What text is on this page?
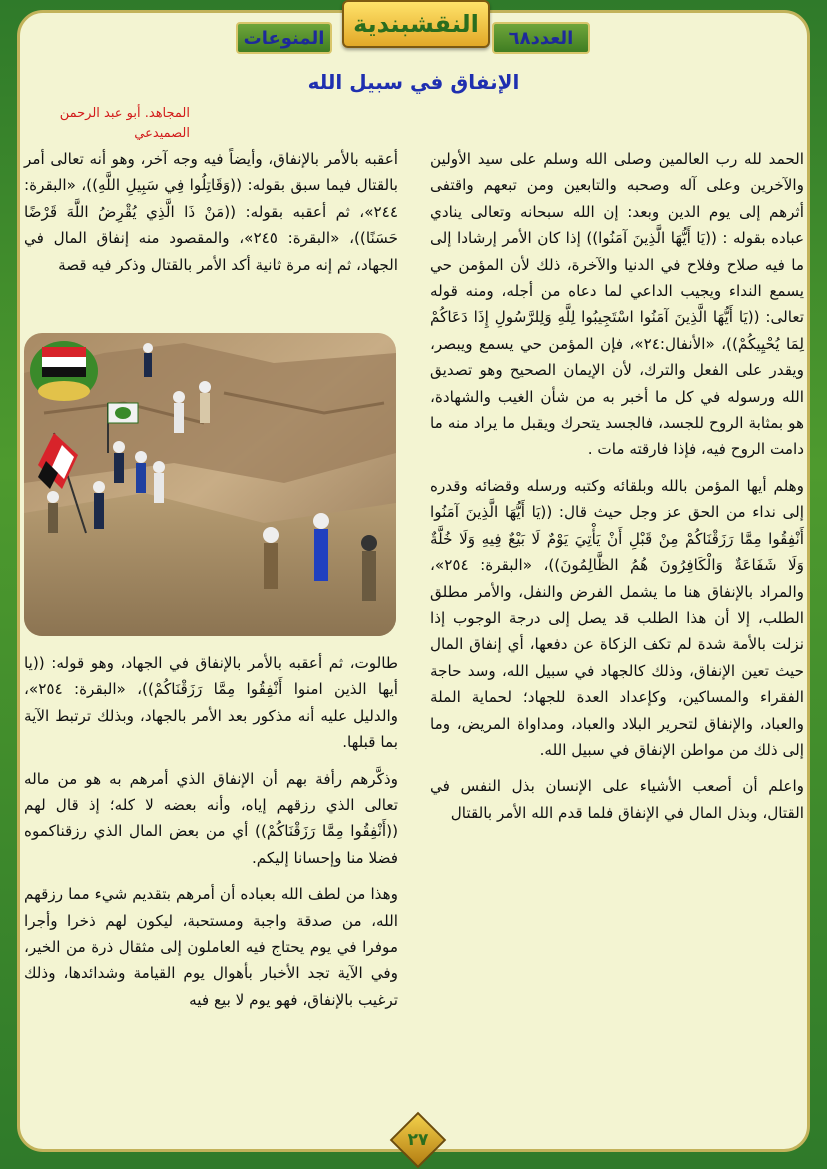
المنوعات النقشبندية العدد٦٨
الإنفاق في سبيل الله
المجاهد. أبو عبد الرحمن الصميدعي

الحمد لله رب العالمين وصلى الله وسلم على سيد الأولين والآخرين وعلى آله وصحبه والتابعين ومن تبعهم واقتفى أثرهم إلى يوم الدين وبعد: إن الله سبحانه وتعالى ينادي عباده بقوله : ((يَا أَيُّهَا الَّذِينَ آمَنُوا)) إذا كان الأمر إرشادا إلى ما فيه صلاح وفلاح في الدنيا والآخرة، ذلك لأن المؤمن حي يسمع النداء ويجيب الداعي لما دعاه من أجله، ومنه قوله تعالى: ((يَا أَيُّهَا الَّذِينَ آمَنُوا اسْتَجِيبُوا لِلَّهِ وَلِلرَّسُولِ إِذَا دَعَاكُمْ لِمَا يُحْيِيكُمْ))، «الأنفال:٢٤»، فإن المؤمن حي يسمع ويبصر، ويقدر على الفعل والترك، لأن الإيمان الصحيح وهو تصديق الله ورسوله في كل ما أخبر به من شأن الغيب والشهادة، هو بمثابة الروح للجسد، فالجسد يتحرك ويقبل ما يراد منه ما دامت الروح فيه، فإذا فارقته مات .

وهلم أيها المؤمن بالله وبلقائه وكتبه ورسله وقضائه وقدره إلى نداء من الحق عز وجل حيث قال: ((يَا أَيُّهَا الَّذِينَ آمَنُوا أَنْفِقُوا مِمَّا رَزَقْنَاكُمْ مِنْ قَبْلِ أَنْ يَأْتِيَ يَوْمٌ لَا بَيْعٌ فِيهِ وَلَا خُلَّةٌ وَلَا شَفَاعَةٌ وَالْكَافِرُونَ هُمُ الظَّالِمُونَ))، «البقرة: ٢٥٤»، والمراد بالإنفاق هنا ما يشمل الفرض والنفل، والأمر مطلق الطلب، إلا أن هذا الطلب قد يصل إلى درجة الوجوب إذا نزلت بالأمة شدة لم تكف الزكاة عن دفعها، أي إنفاق المال حيث تعين الإنفاق، وذلك كالجهاد في سبيل الله، وسد حاجة الفقراء والمساكين، وكإعداد العدة للجهاد؛ لحماية الملة والعباد، والإنفاق لتحرير البلاد والعباد، ومداواة المريض، وما إلى ذلك من مواطن الإنفاق في سبيل الله.

واعلم أن أصعب الأشياء على الإنسان بذل النفس في القتال، وبذل المال في الإنفاق فلما قدم الله الأمر بالقتال

أعقبه بالأمر بالإنفاق، وأيضاً فيه وجه آخر، وهو أنه تعالى أمر بالقتال فيما سبق بقوله: ((وَقَاتِلُوا فِي سَبِيلِ اللَّهِ))، «البقرة: ٢٤٤»، ثم أعقبه بقوله: ((مَنْ ذَا الَّذِي يُقْرِضُ اللَّهَ قَرْضًا حَسَنًا))، «البقرة: ٢٤٥»، والمقصود منه إنفاق المال في الجهاد، ثم إنه مرة ثانية أكد الأمر بالقتال وذكر فيه قصة

طالوت، ثم أعقبه بالأمر بالإنفاق في الجهاد، وهو قوله: ((يا أيها الذين امنوا أَنْفِقُوا مِمَّا رَزَقْنَاكُمْ))، «البقرة: ٢٥٤»، والدليل عليه أنه مذكور بعد الأمر بالجهاد، وبذلك ترتبط الآية بما قبلها.

وذكَّرهم رأفة بهم أن الإنفاق الذي أمرهم به هو من ماله تعالى الذي رزقهم إياه، وأنه بعضه لا كله؛ إذ قال لهم ((أَنْفِقُوا مِمَّا رَزَقْنَاكُمْ)) أي من بعض المال الذي رزقناكموه فضلا منا وإحسانا إليكم.

وهذا من لطف الله بعباده أن أمرهم بتقديم شيء مما رزقهم الله، من صدقة واجبة ومستحبة، ليكون لهم ذخرا وأجرا موفرا في يوم يحتاج فيه العاملون إلى مثقال ذرة من الخير، وفي الآية تجد الأخبار بأهوال يوم القيامة وشدائدها، وذلك ترغيب بالإنفاق، فهو يوم لا بيع فيه

٢٧
